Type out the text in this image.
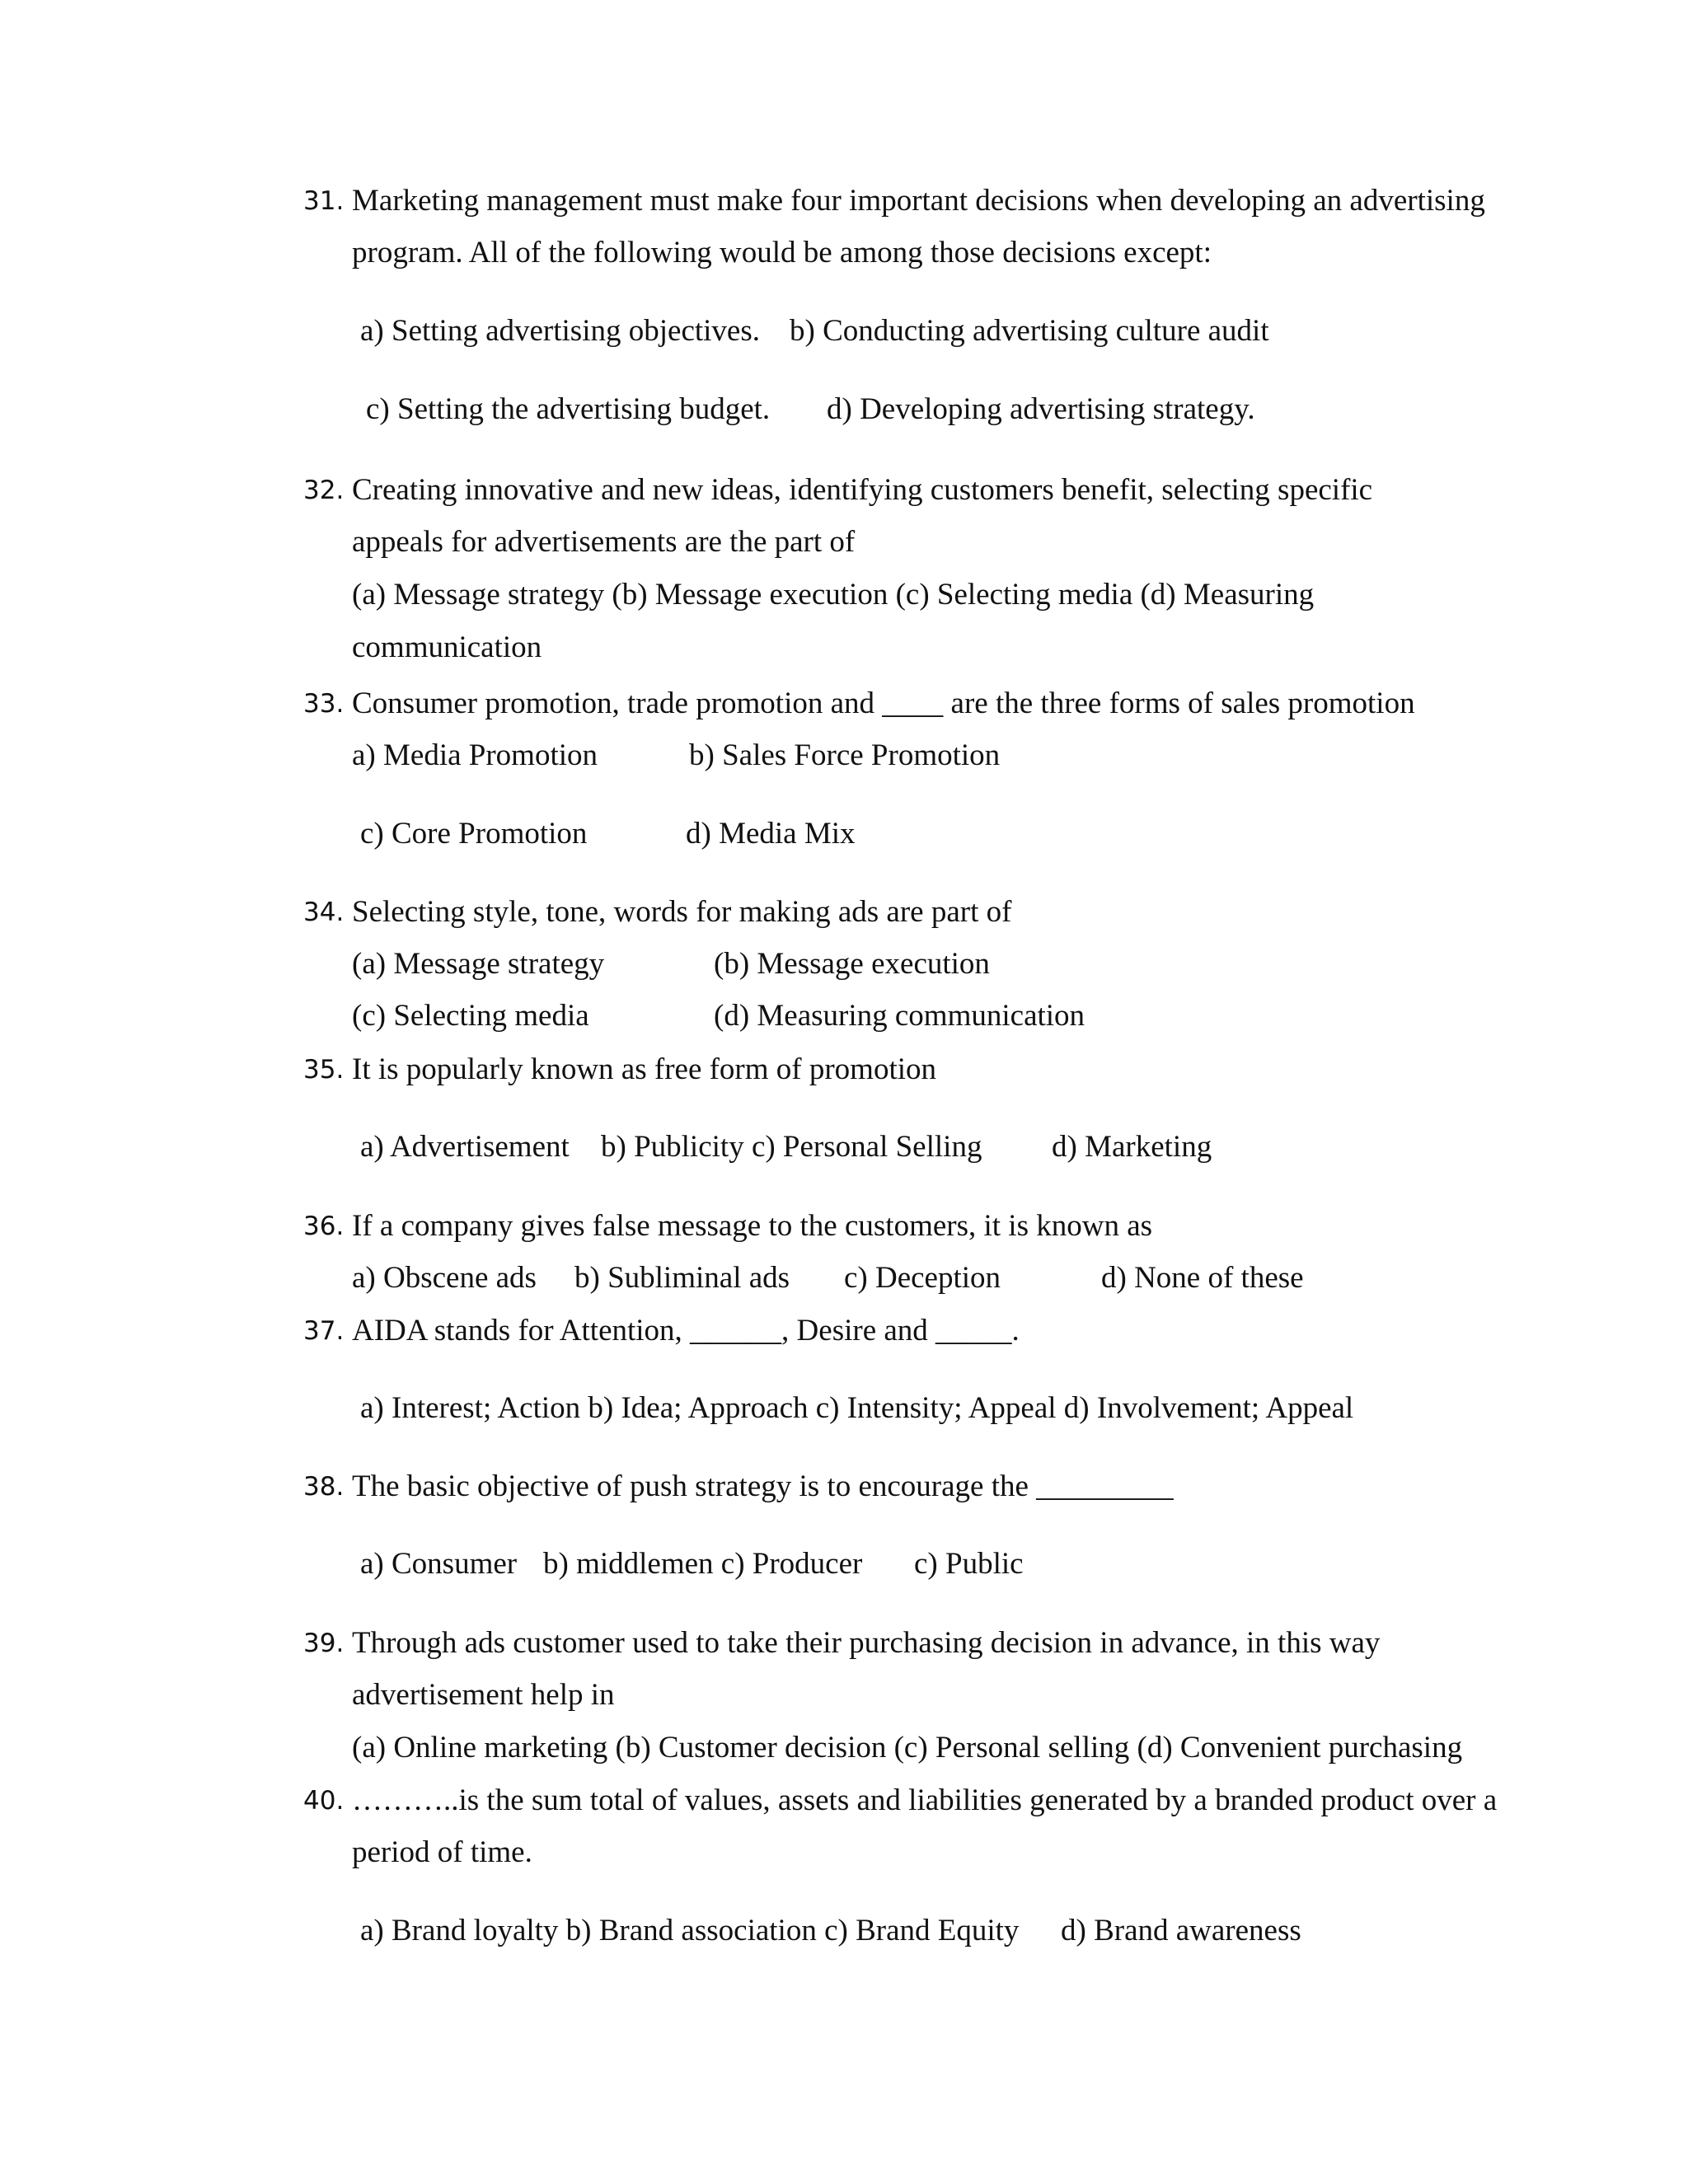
31. Marketing management must make four important decisions when developing an advertising
program. All of the following would be among those decisions except:
a) Setting advertising objectives. b) Conducting advertising culture audit
c) Setting the advertising budget. d) Developing advertising strategy.
32. Creating innovative and new ideas, identifying customers benefit, selecting specific
appeals for advertisements are the part of
(a) Message strategy (b) Message execution (c) Selecting media (d) Measuring
communication
33. Consumer promotion, trade promotion and ____ are the three forms of sales promotion
a) Media Promotion	b) Sales Force Promotion
c) Core Promotion	d) Media Mix
34. Selecting style, tone, words for making ads are part of
(a) Message strategy	(b) Message execution
(c) Selecting media	(d) Measuring communication
35. It is popularly known as free form of promotion
a) Advertisement b) Publicity c) Personal Selling d) Marketing
36. If a company gives false message to the customers, it is known as
a) Obscene ads b) Subliminal ads c) Deception	d) None of these
37. AIDA stands for Attention, ______, Desire and _____.
a) Interest; Action b) Idea; Approach c) Intensity; Appeal d) Involvement; Appeal
38. The basic objective of push strategy is to encourage the _________
a) Consumer b) middlemen c) Producer c) Public
39. Through ads customer used to take their purchasing decision in advance, in this way
advertisement help in
(a) Online marketing (b) Customer decision (c) Personal selling (d) Convenient purchasing
40. ………..is the sum total of values, assets and liabilities generated by a branded product over a
period of time.
a) Brand loyalty b) Brand association c) Brand Equity d) Brand awareness
